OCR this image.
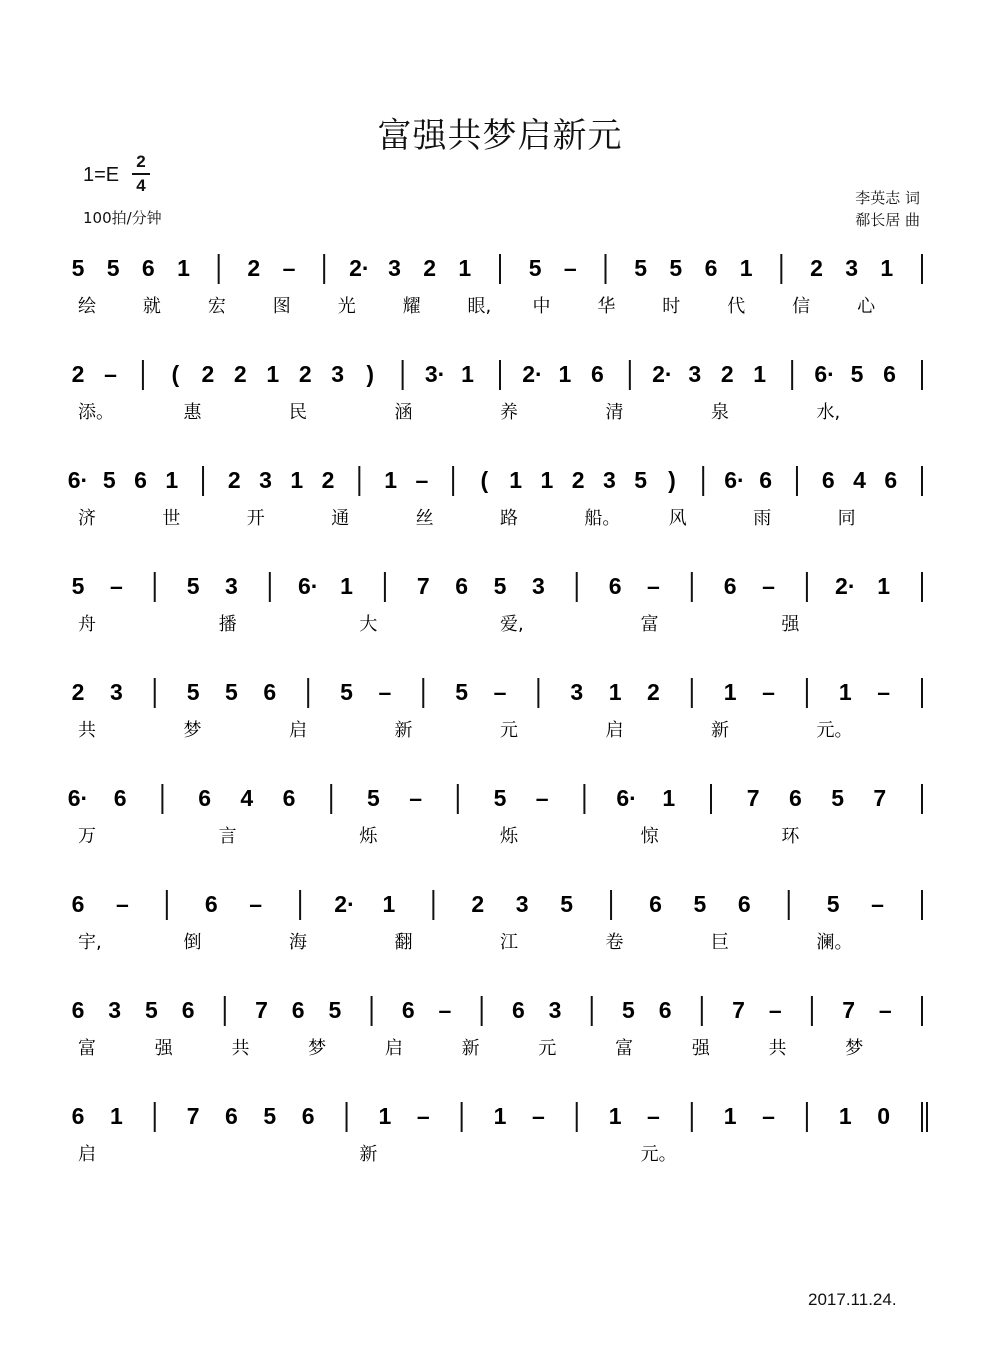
富强共梦启新元
1=E
2
4
100拍/分钟
李英志 词
郗长居 曲
5 5 6 1	2 – 2· 3 2 1	5 –	5 5 6 1	2 3 1
绘	就	宏	图	光	耀	眼, 中	华	时	代	信	心
2 – ( 2 2 1 2 3 ) 3· 1 2· 1 6 2· 3 2 1 6· 5 6
添。	惠	民	涵	养	清	泉	水,
6· 5 6 1 2 3 1 2 1 – ( 1 1 2 3 5 ) 6· 6 6 4 6
济	世	开	通	丝	路	船。	风	雨	同
5 –	5 3	6· 1	7 6 5 3	6 –	6 –	2· 1
舟	播	大	爱,	富	强
2 3	5 5 6	5 –	5 –	3 1 2	1 –	1 –
共	梦	启	新	元	启	新	元。
6· 6	6 4 6	5 –	5 –	6· 1	7 6 5 7
万	言	烁	烁	惊	环
6 –	6 –	2· 1	2 3 5	6 5 6	5 –
宇,	倒	海	翻	江	卷	巨	澜。
6 3 5 6	7 6 5	6 –	6 3	5 6	7 –	7 –
富	强	共	梦	启	新	元	富	强	共	梦
6 1	7 6 5 6	1 –	1 –	1 –	1 –	1 0
启	新	元。
2017.11.24.
